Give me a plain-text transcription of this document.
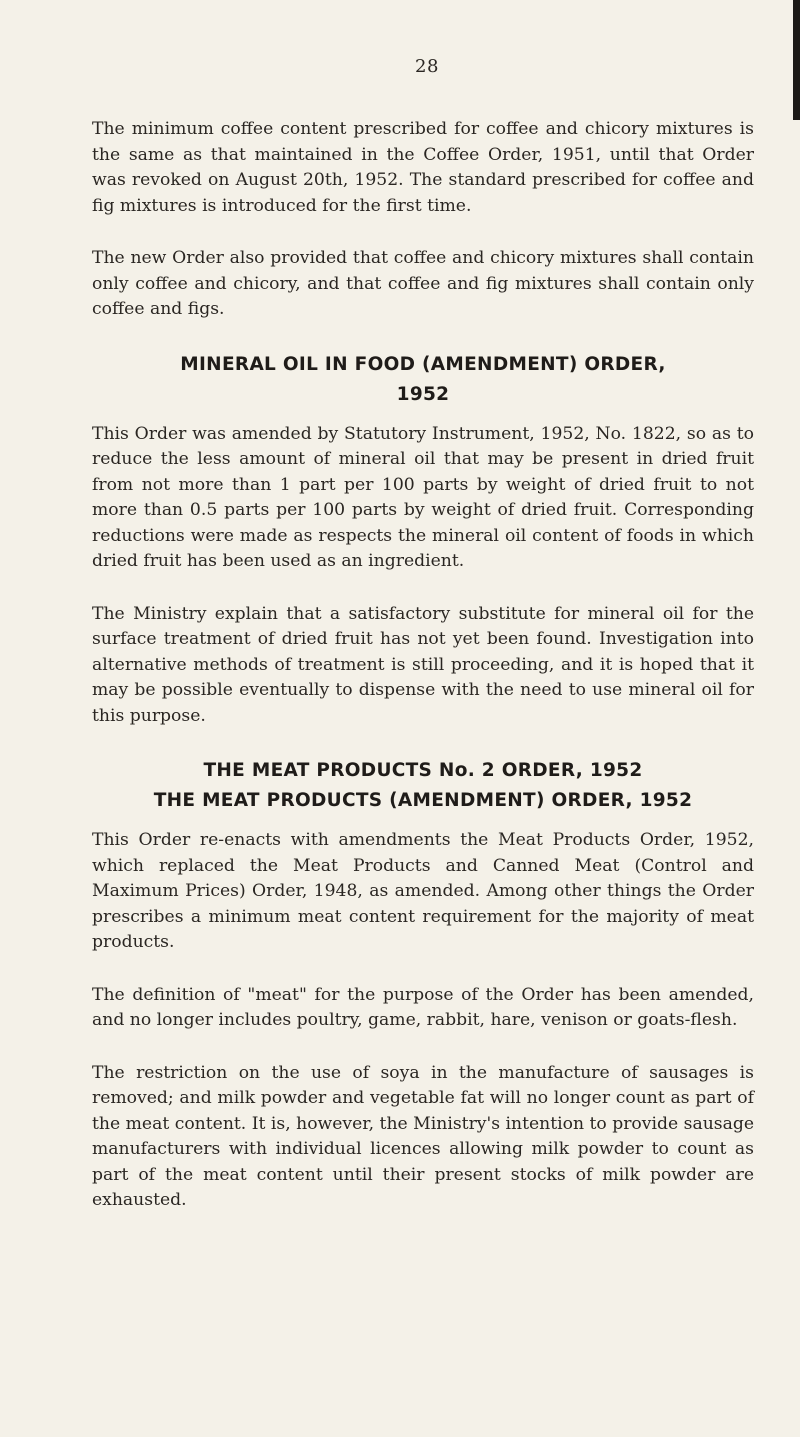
28

The minimum coffee content prescribed for coffee and chicory mixtures is the same as that maintained in the Coffee Order, 1951, until that Order was revoked on August 20th, 1952. The standard prescribed for coffee and fig mixtures is introduced for the first time.

The new Order also provided that coffee and chicory mixtures shall contain only coffee and chicory, and that coffee and fig mixtures shall contain only coffee and figs.

MINERAL OIL IN FOOD (AMENDMENT) ORDER,
1952

This Order was amended by Statutory Instrument, 1952, No. 1822, so as to reduce the less amount of mineral oil that may be present in dried fruit from not more than 1 part per 100 parts by weight of dried fruit to not more than 0.5 parts per 100 parts by weight of dried fruit. Corresponding reductions were made as respects the mineral oil content of foods in which dried fruit has been used as an ingredient.

The Ministry explain that a satisfactory substitute for mineral oil for the surface treatment of dried fruit has not yet been found. Investigation into alternative methods of treatment is still proceeding, and it is hoped that it may be possible eventually to dispense with the need to use mineral oil for this purpose.

THE MEAT PRODUCTS No. 2 ORDER, 1952
THE MEAT PRODUCTS (AMENDMENT) ORDER, 1952

This Order re-enacts with amendments the Meat Products Order, 1952, which replaced the Meat Products and Canned Meat (Control and Maximum Prices) Order, 1948, as amended. Among other things the Order prescribes a minimum meat content requirement for the majority of meat products.

The definition of "meat" for the purpose of the Order has been amended, and no longer includes poultry, game, rabbit, hare, venison or goats-flesh.

The restriction on the use of soya in the manufacture of sausages is removed; and milk powder and vegetable fat will no longer count as part of the meat content. It is, however, the Ministry's intention to provide sausage manufacturers with individual licences allowing milk powder to count as part of the meat content until their present stocks of milk powder are exhausted.
